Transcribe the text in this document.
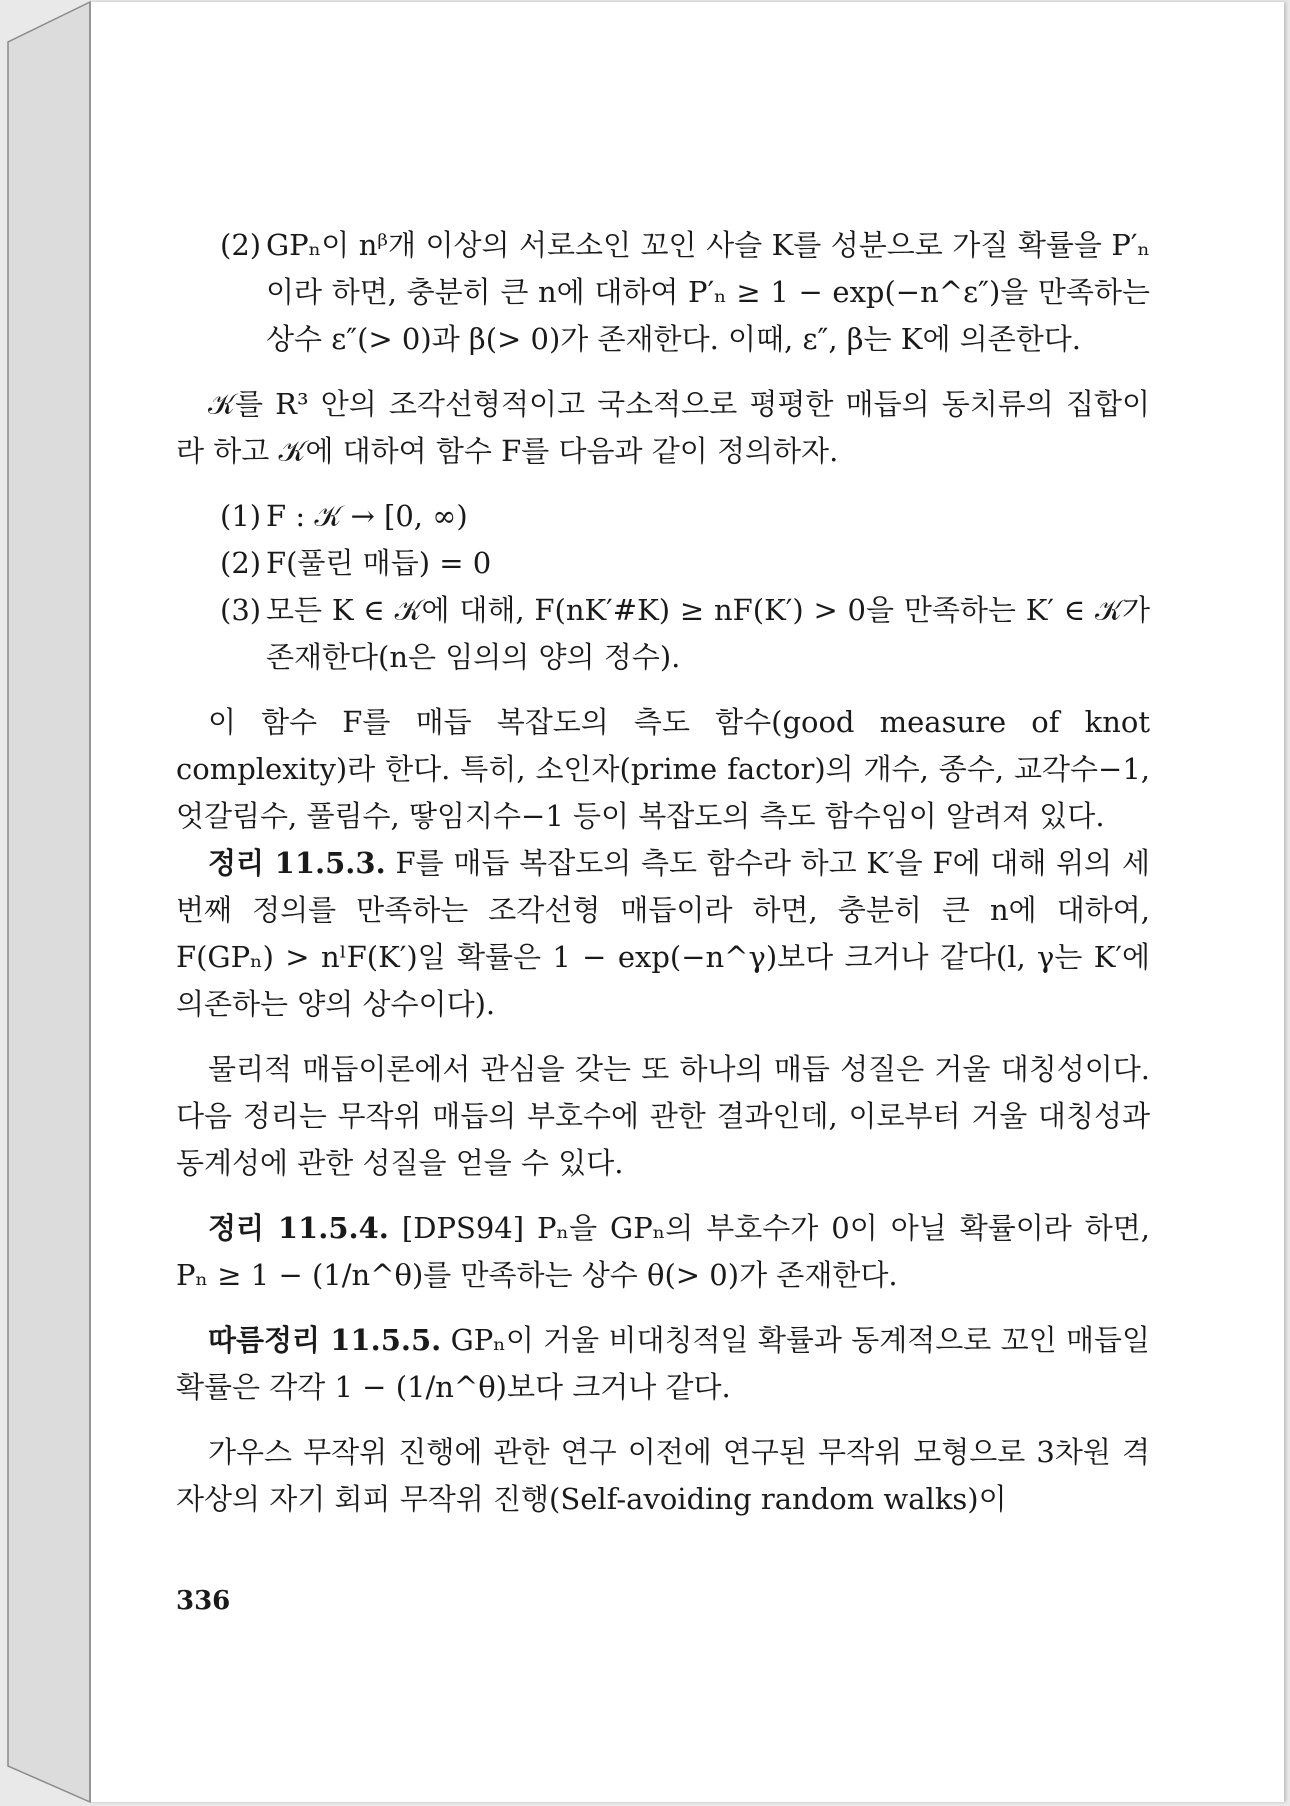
(2) GPₙ이 nᵝ개 이상의 서로소인 꼬인 사슬 K를 성분으로 가질 확률을 P′ₙ이라 하면, 충분히 큰 n에 대하여 P′ₙ ≥ 1 − exp(−n^ε″)을 만족하는 상수 ε″(> 0)과 β(> 0)가 존재한다. 이때, ε″, β는 K에 의존한다.

𝒦를 R³ 안의 조각선형적이고 국소적으로 평평한 매듭의 동치류의 집합이라 하고 𝒦에 대하여 함수 F를 다음과 같이 정의하자.

(1) F : 𝒦 → [0, ∞)
(2) F(풀린 매듭) = 0
(3) 모든 K ∈ 𝒦에 대해, F(nK′#K) ≥ nF(K′) > 0을 만족하는 K′ ∈ 𝒦가 존재한다(n은 임의의 양의 정수).

이 함수 F를 매듭 복잡도의 측도 함수(good measure of knot complexity)라 한다. 특히, 소인자(prime factor)의 개수, 종수, 교각수−1, 엇갈림수, 풀림수, 땋임지수−1 등이 복잡도의 측도 함수임이 알려져 있다.

정리 11.5.3. F를 매듭 복잡도의 측도 함수라 하고 K′을 F에 대해 위의 세번째 정의를 만족하는 조각선형 매듭이라 하면, 충분히 큰 n에 대하여, F(GPₙ) > nˡF(K′)일 확률은 1 − exp(−n^γ)보다 크거나 같다(l, γ는 K′에 의존하는 양의 상수이다).

물리적 매듭이론에서 관심을 갖는 또 하나의 매듭 성질은 거울 대칭성이다. 다음 정리는 무작위 매듭의 부호수에 관한 결과인데, 이로부터 거울 대칭성과 동계성에 관한 성질을 얻을 수 있다.

정리 11.5.4. [DPS94] Pₙ을 GPₙ의 부호수가 0이 아닐 확률이라 하면, Pₙ ≥ 1 − (1/n^θ)를 만족하는 상수 θ(> 0)가 존재한다.

따름정리 11.5.5. GPₙ이 거울 비대칭적일 확률과 동계적으로 꼬인 매듭일 확률은 각각 1 − (1/n^θ)보다 크거나 같다.

가우스 무작위 진행에 관한 연구 이전에 연구된 무작위 모형으로 3차원 격자상의 자기 회피 무작위 진행(Self-avoiding random walks)이

336
